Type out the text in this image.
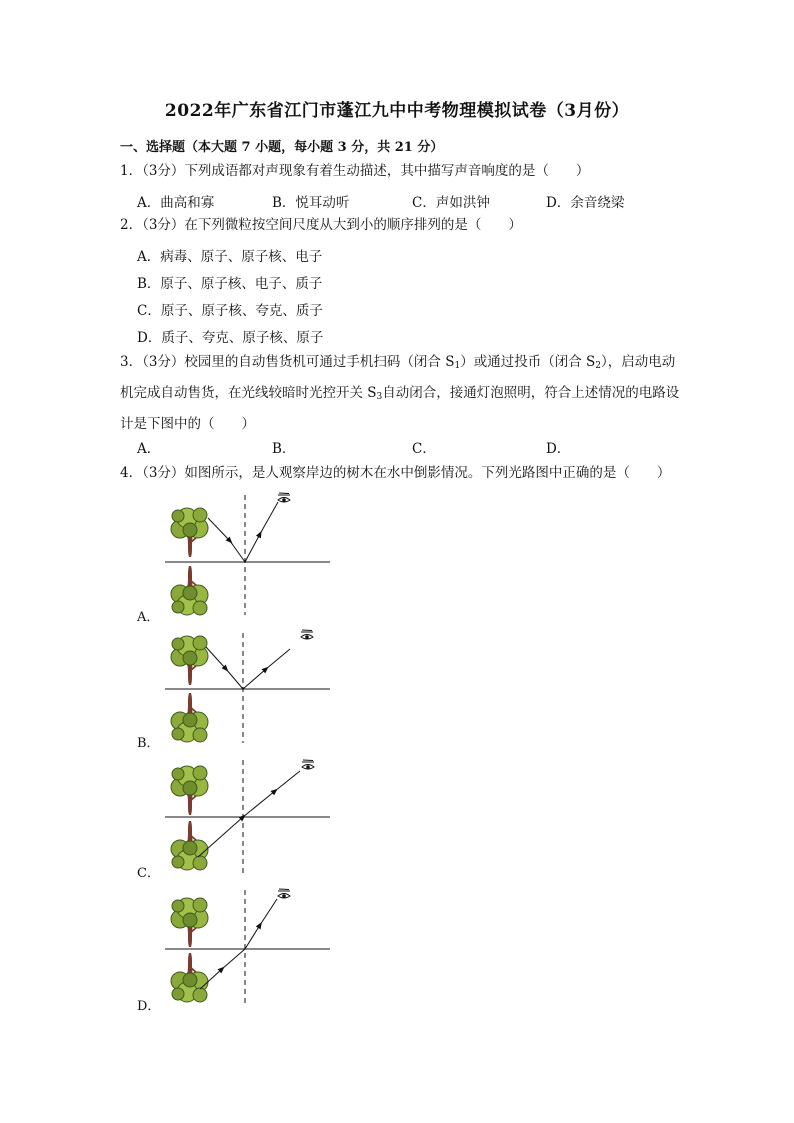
2022年广东省江门市蓬江九中中考物理模拟试卷（3月份）
一、选择题（本大题 7 小题，每小题 3 分，共 21 分）
1．（3分）下列成语都对声现象有着生动描述，其中描写声音响度的是（　　）
A．曲高和寡	B．悦耳动听	C．声如洪钟	D．余音绕梁
2．（3分）在下列微粒按空间尺度从大到小的顺序排列的是（　　）
A．病毒、原子、原子核、电子
B．原子、原子核、电子、质子
C．原子、原子核、夸克、质子
D．质子、夸克、原子核、原子
3．（3分）校园里的自动售货机可通过手机扫码（闭合 $S_1$）或通过投币（闭合 $S_2$），启动电动机完成自动售货，在光线较暗时光控开关 $S_3$自动闭合，接通灯泡照明，符合上述情况的电路设计是下图中的（　　）
A．	B．	C．	D．
4．（3分）如图所示，是人观察岸边的树木在水中倒影情况。下列光路图中正确的是（　　）
A．
B．
C．
D．
